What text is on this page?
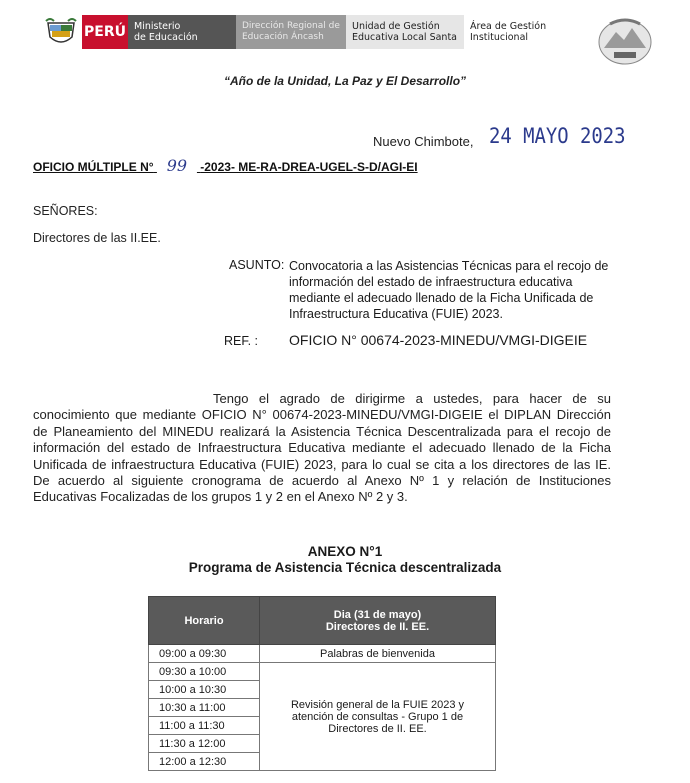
PERÚ Ministerio
de Educación
Dirección Regional de
Educación Áncash
Unidad de Gestión
Educativa Local Santa
Área de Gestión
Institucional
“Año de la Unidad, La Paz y El Desarrollo”
Nuevo Chimbote, 24 MAYO 2023
OFICIO MÚLTIPLE N° 99 -2023- ME-RA-DREA-UGEL-S-D/AGI-EI
SEÑORES:
Directores de las II.EE.
ASUNTO: Convocatoria a las Asistencias Técnicas para el recojo de información del estado de infraestructura educativa mediante el adecuado llenado de la Ficha Unificada de Infraestructura Educativa (FUIE) 2023.
REF. : OFICIO N° 00674-2023-MINEDU/VMGI-DIGEIE
Tengo el agrado de dirigirme a ustedes, para hacer de su conocimiento que mediante OFICIO N° 00674-2023-MINEDU/VMGI-DIGEIE el DIPLAN Dirección de Planeamiento del MINEDU realizará la Asistencia Técnica Descentralizada para el recojo de información del estado de Infraestructura Educativa mediante el adecuado llenado de la Ficha Unificada de infraestructura Educativa (FUIE) 2023, para lo cual se cita a los directores de las IE. De acuerdo al siguiente cronograma de acuerdo al Anexo Nº 1 y relación de Instituciones Educativas Focalizadas de los grupos 1 y 2 en el Anexo Nº 2 y 3.
ANEXO N°1
Programa de Asistencia Técnica descentralizada
Horario	Dia (31 de mayo)
Directores de II. EE.

09:00 a 09:30	Palabras de bienvenida
09:30 a 10:00	Revisión general de la FUIE 2023 y atención de consultas - Grupo 1 de Directores de II. EE.
10:00 a 10:30	
10:30 a 11:00	
11:00 a 11:30	
11:30 a 12:00	
12:00 a 12:30	
